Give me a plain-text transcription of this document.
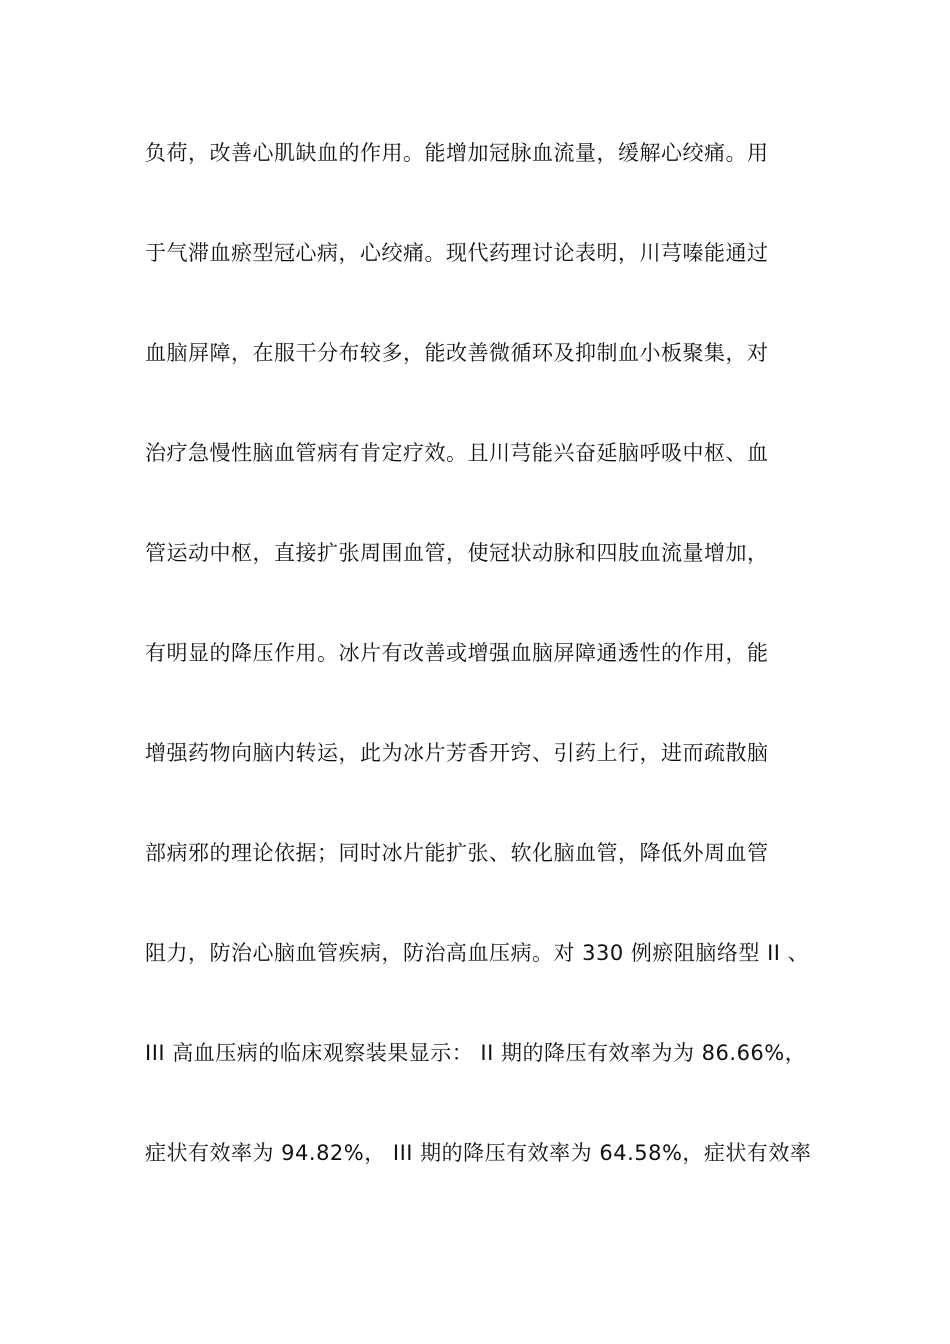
负荷，改善心肌缺血的作用。能增加冠脉血流量，缓解心绞痛。用
于气滞血瘀型冠心病，心绞痛。现代药理讨论表明，川芎嗪能通过
血脑屏障，在服干分布较多，能改善微循环及抑制血小板聚集，对
治疗急慢性脑血管病有肯定疗效。且川芎能兴奋延脑呼吸中枢、血
管运动中枢，直接扩张周围血管，使冠状动脉和四肢血流量增加，
有明显的降压作用。冰片有改善或增强血脑屏障通透性的作用，能
增强药物向脑内转运，此为冰片芳香开窍、引药上行，进而疏散脑
部病邪的理论依据；同时冰片能扩张、软化脑血管，降低外周血管
阻力，防治心脑血管疾病，防治高血压病。对 330 例瘀阻脑络型 II 、
III 高血压病的临床观察装果显示： II 期的降压有效率为为 86.66%，
症状有效率为 94.82%， III 期的降压有效率为 64.58%，症状有效率
